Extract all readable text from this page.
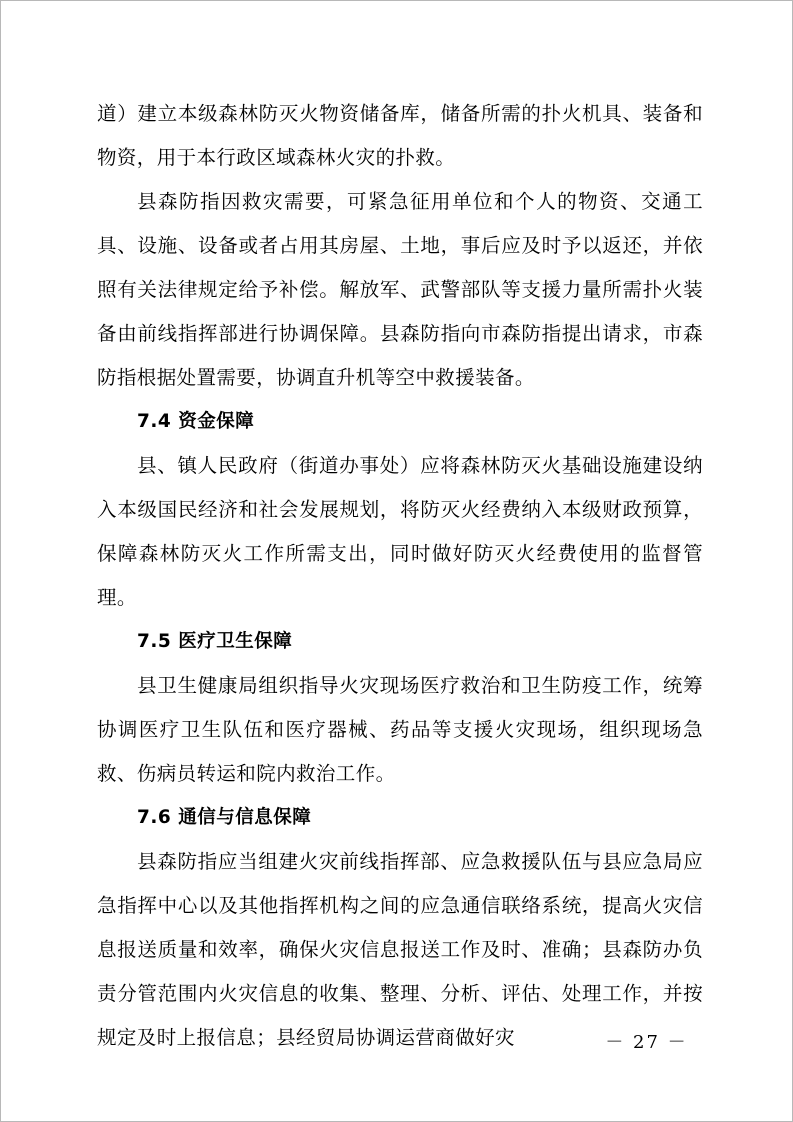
道）建立本级森林防灭火物资储备库，储备所需的扑火机具、装备和物资，用于本行政区域森林火灾的扑救。

县森防指因救灾需要，可紧急征用单位和个人的物资、交通工具、设施、设备或者占用其房屋、土地，事后应及时予以返还，并依照有关法律规定给予补偿。解放军、武警部队等支援力量所需扑火装备由前线指挥部进行协调保障。县森防指向市森防指提出请求，市森防指根据处置需要，协调直升机等空中救援装备。

7.4 资金保障

县、镇人民政府（街道办事处）应将森林防灭火基础设施建设纳入本级国民经济和社会发展规划，将防灭火经费纳入本级财政预算，保障森林防灭火工作所需支出，同时做好防灭火经费使用的监督管理。

7.5 医疗卫生保障

县卫生健康局组织指导火灾现场医疗救治和卫生防疫工作，统筹协调医疗卫生队伍和医疗器械、药品等支援火灾现场，组织现场急救、伤病员转运和院内救治工作。

7.6 通信与信息保障

县森防指应当组建火灾前线指挥部、应急救援队伍与县应急局应急指挥中心以及其他指挥机构之间的应急通信联络系统，提高火灾信息报送质量和效率，确保火灾信息报送工作及时、准确；县森防办负责分管范围内火灾信息的收集、整理、分析、评估、处理工作，并按规定及时上报信息；县经贸局协调运营商做好灾	－ 27 －
